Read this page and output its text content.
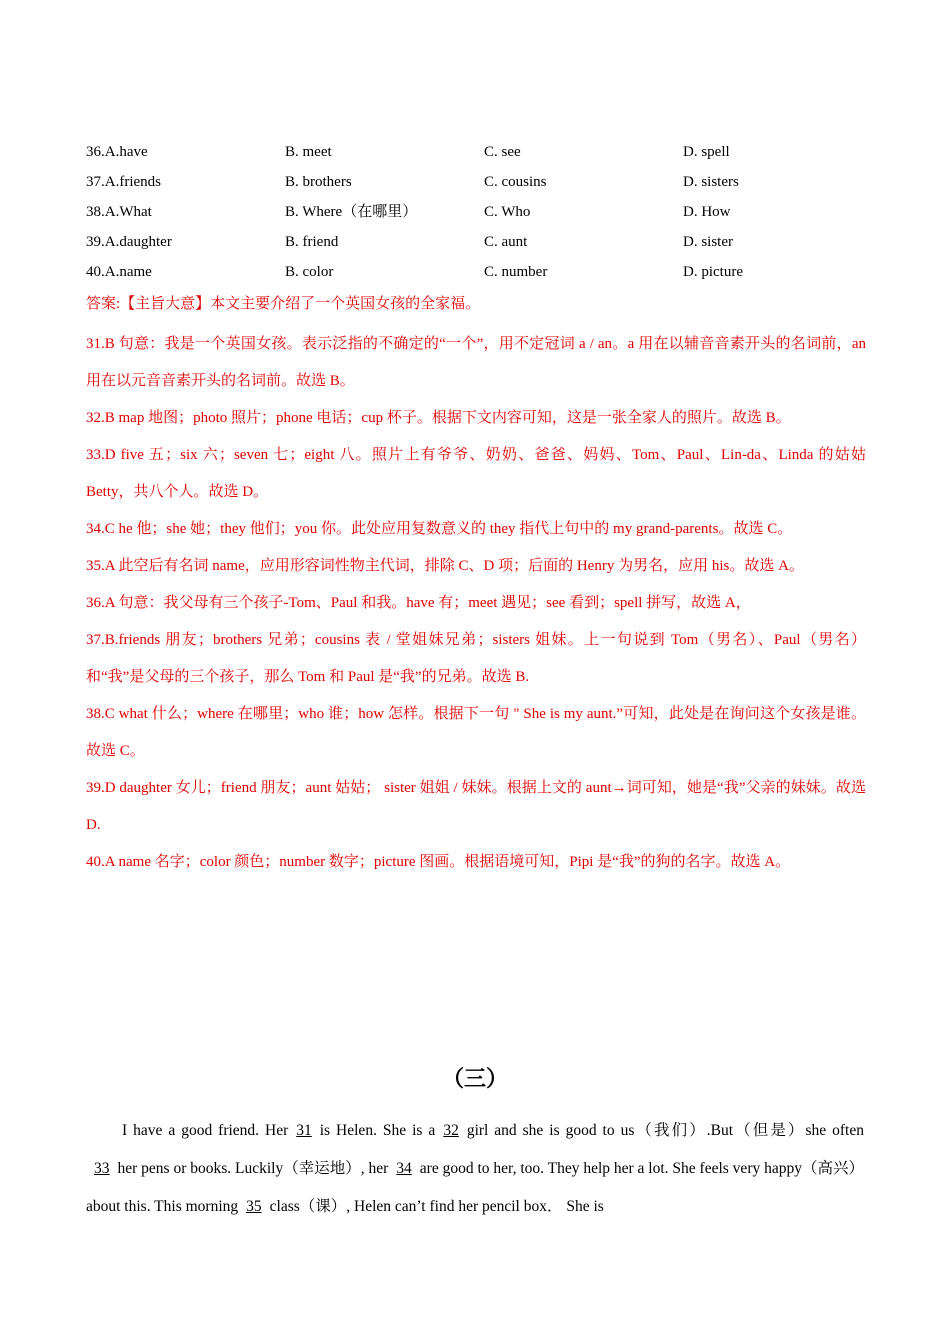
36.A.have	B. meet	C. see	D. spell
37.A.friends	B. brothers	C. cousins	D. sisters
38.A.What	B. Where（在哪里）	C. Who	D. How
39.A.daughter	B. friend	C. aunt	D. sister
40.A.name	B. color	C. number	D. picture

答案:【主旨大意】本文主要介绍了一个英国女孩的全家福。

31.B 句意：我是一个英国女孩。表示泛指的不确定的“一个”，用不定冠词 a / an。a 用在以辅音音素开头的名词前，an 用在以元音音素开头的名词前。故选 B。

32.B map 地图；photo 照片；phone 电话；cup 杯子。根据下文内容可知，这是一张全家人的照片。故选 B。

33.D five 五；six 六；seven 七；eight 八。照片上有爷爷、奶奶、爸爸、妈妈、Tom、Paul、Lin-da、Linda 的姑姑 Betty，共八个人。故选 D。

34.C he 他；she 她；they 他们；you 你。此处应用复数意义的 they 指代上句中的 my grand-parents。故选 C。

35.A 此空后有名词 name，应用形容词性物主代词，排除 C、D 项；后面的 Henry 为男名，应用 his。故选 A。

36.A 句意：我父母有三个孩子-Tom、Paul 和我。have 有；meet 遇见；see 看到；spell 拼写，故选 A，

37.B.friends 朋友；brothers 兄弟；cousins 表 / 堂姐妹兄弟；sisters 姐妹。上一句说到 Tom（男名）、Paul（男名）和“我”是父母的三个孩子，那么 Tom 和 Paul 是“我”的兄弟。故选 B.

38.C what 什么；where 在哪里；who 谁；how 怎样。根据下一句 " She is my aunt.”可知，此处是在询问这个女孩是谁。故选 C。

39.D daughter 女儿；friend 朋友；aunt 姑姑； sister 姐姐 / 妹妹。根据上文的 aunt→词可知，她是“我”父亲的妹妹。故选 D.

40.A name 名字；color 颜色；number 数字；picture 图画。根据语境可知，Pipi 是“我”的狗的名字。故选 A。

（三）

I have a good friend. Her 31 is Helen. She is a 32 girl and she is good to us（我们）.But（但是）she often 33 her pens or books. Luckily（幸运地）, her 34 are good to her, too. They help her a lot. She feels very happy（高兴）about this. This morning 35 class（课）, Helen can’t find her pencil box． She is
